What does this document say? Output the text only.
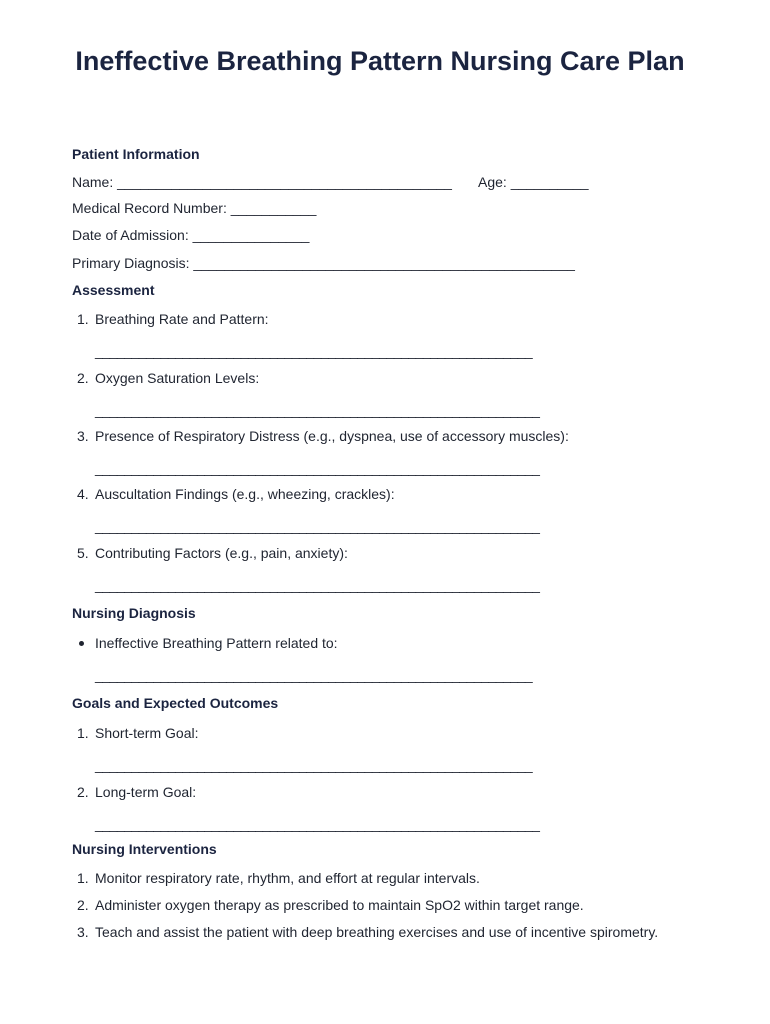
Ineffective Breathing Pattern Nursing Care Plan
Patient Information
Name: ___________________________________________ Age: __________
Medical Record Number: ___________
Date of Admission: _______________
Primary Diagnosis: _________________________________________________
Assessment
1. Breathing Rate and Pattern:
____________________________________________________________
2. Oxygen Saturation Levels:
_____________________________________________________________
3. Presence of Respiratory Distress (e.g., dyspnea, use of accessory muscles):
_____________________________________________________________
4. Auscultation Findings (e.g., wheezing, crackles):
_____________________________________________________________
5. Contributing Factors (e.g., pain, anxiety):
_____________________________________________________________
Nursing Diagnosis
Ineffective Breathing Pattern related to:
____________________________________________________________
Goals and Expected Outcomes
1. Short-term Goal:
____________________________________________________________
2. Long-term Goal:
_____________________________________________________________
Nursing Interventions
1. Monitor respiratory rate, rhythm, and effort at regular intervals.
2. Administer oxygen therapy as prescribed to maintain SpO2 within target range.
3. Teach and assist the patient with deep breathing exercises and use of incentive spirometry.
